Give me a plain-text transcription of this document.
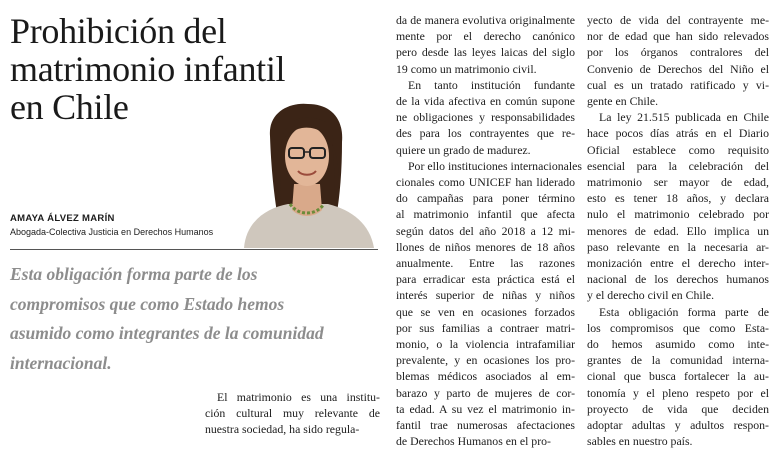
Prohibición del
matrimonio infantil
en Chile
AMAYA ÁLVEZ MARÍN
Abogada-Colectiva Justicia en Derechos Humanos
Esta obligación forma parte de los
compromisos que como Estado hemos
asumido como integrantes de la comunidad
internacional.
El matrimonio es una institu-
ción cultural muy relevante de
nuestra sociedad, ha sido regula-
da de manera evolutiva originalmente
mente por el derecho canónico
pero desde las leyes laicas del siglo
19 como un matrimonio civil.
En tanto institución fundante
de la vida afectiva en común supone
ne obligaciones y responsabilidades
des para los contrayentes que re-
quiere un grado de madurez.
Por ello instituciones internacionales
cionales como UNICEF han liderado
do campañas para poner término
al matrimonio infantil que afecta
según datos del año 2018 a 12 mi-
llones de niños menores de 18 años
anualmente. Entre las razones
para erradicar esta práctica está el
interés superior de niñas y niños
que se ven en ocasiones forzados
por sus familias a contraer matri-
monio, o la violencia intrafamiliar
prevalente, y en ocasiones los pro-
blemas médicos asociados al em-
barazo y parto de mujeres de cor-
ta edad. A su vez el matrimonio in-
fantil trae numerosas afectaciones
de Derechos Humanos en el pro-
yecto de vida del contrayente me-
nor de edad que han sido relevados
por los órganos contralores del
Convenio de Derechos del Niño el
cual es un tratado ratificado y vi-
gente en Chile.
La ley 21.515 publicada en Chile
hace pocos días atrás en el Diario
Oficial establece como requisito
esencial para la celebración del
matrimonio ser mayor de edad,
esto es tener 18 años, y declara
nulo el matrimonio celebrado por
menores de edad. Ello implica un
paso relevante en la necesaria ar-
monización entre el derecho inter-
nacional de los derechos humanos
y el derecho civil en Chile.
Esta obligación forma parte de
los compromisos que como Esta-
do hemos asumido como inte-
grantes de la comunidad interna-
cional que busca fortalecer la au-
tonomía y el pleno respeto por el
proyecto de vida que deciden
adoptar adultas y adultos respon-
sables en nuestro país.
